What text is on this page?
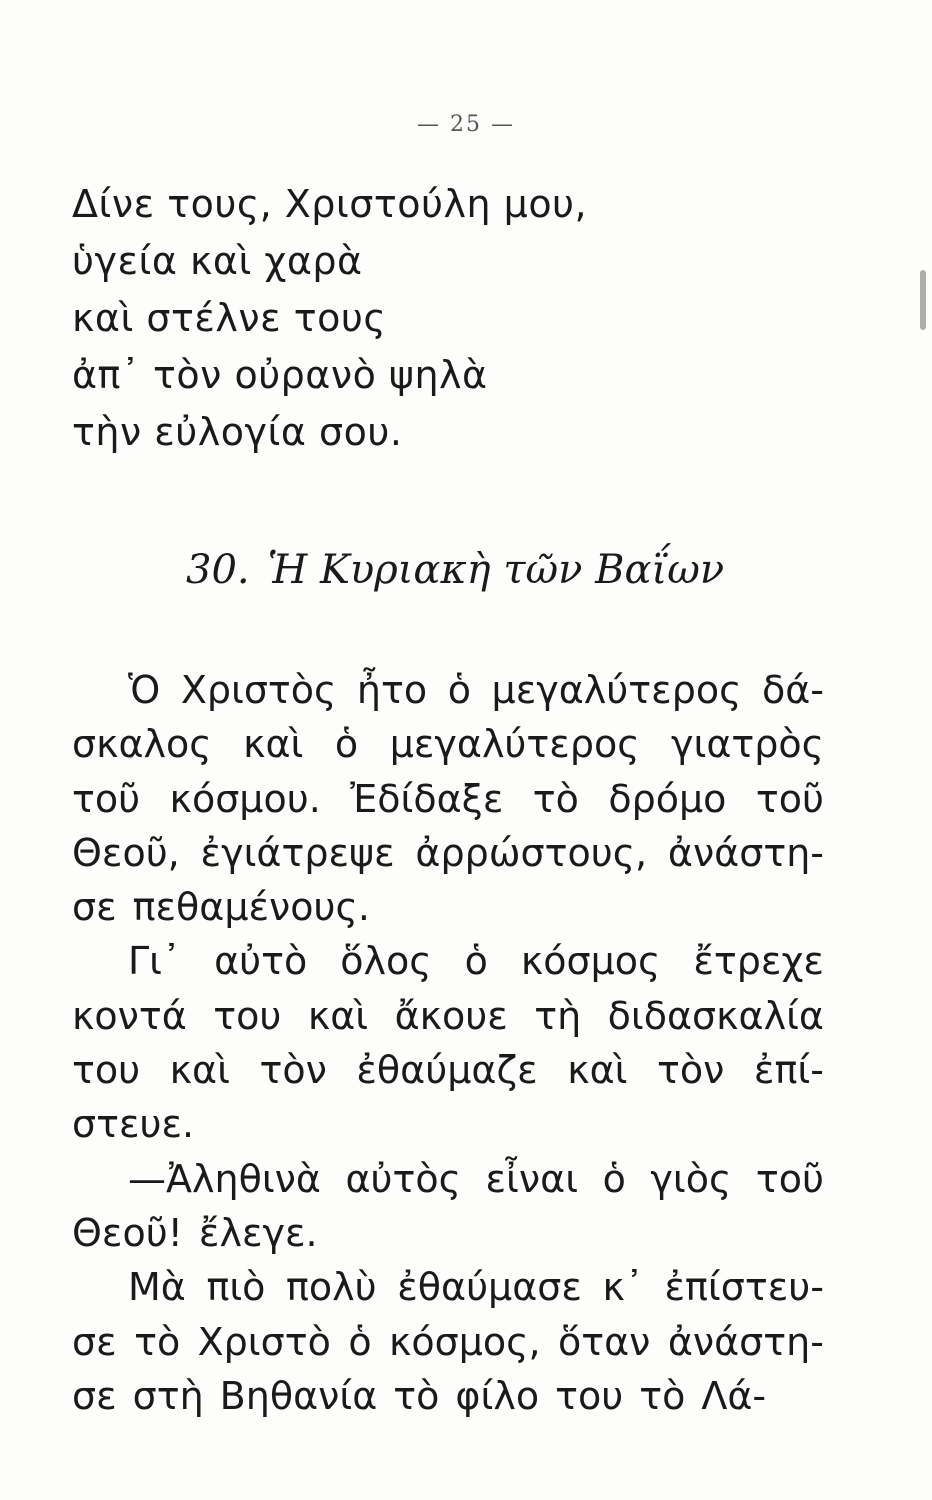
— 25 —
Δίνε τους, Χριστούλη μου,
ὑγεία καὶ χαρὰ
καὶ στέλνε τους
ἀπ᾽ τὸν οὐρανὸ ψηλὰ
τὴν εὐλογία σου.
30. Ἡ Κυριακὴ τῶν Βαΐων
Ὁ Χριστὸς ἦτο ὁ μεγαλύτερος δά-
σκαλος καὶ ὁ μεγαλύτερος γιατρὸς
τοῦ κόσμου. Ἐδίδαξε τὸ δρόμο τοῦ
Θεοῦ, ἐγιάτρεψε ἀρρώστους, ἀνάστη-
σε πεθαμένους.
Γι᾽ αὐτὸ ὅλος ὁ κόσμος ἔτρεχε
κοντά του καὶ ἄκουε τὴ διδασκαλία
του καὶ τὸν ἐθαύμαζε καὶ τὸν ἐπί-
στευε.
—Ἀληθινὰ αὐτὸς εἶναι ὁ γιὸς τοῦ
Θεοῦ! ἔλεγε.
Μὰ πιὸ πολὺ ἐθαύμασε κ᾽ ἐπίστευ-
σε τὸ Χριστὸ ὁ κόσμος, ὅταν ἀνάστη-
σε στὴ Βηθανία τὸ φίλο του τὸ Λά-
